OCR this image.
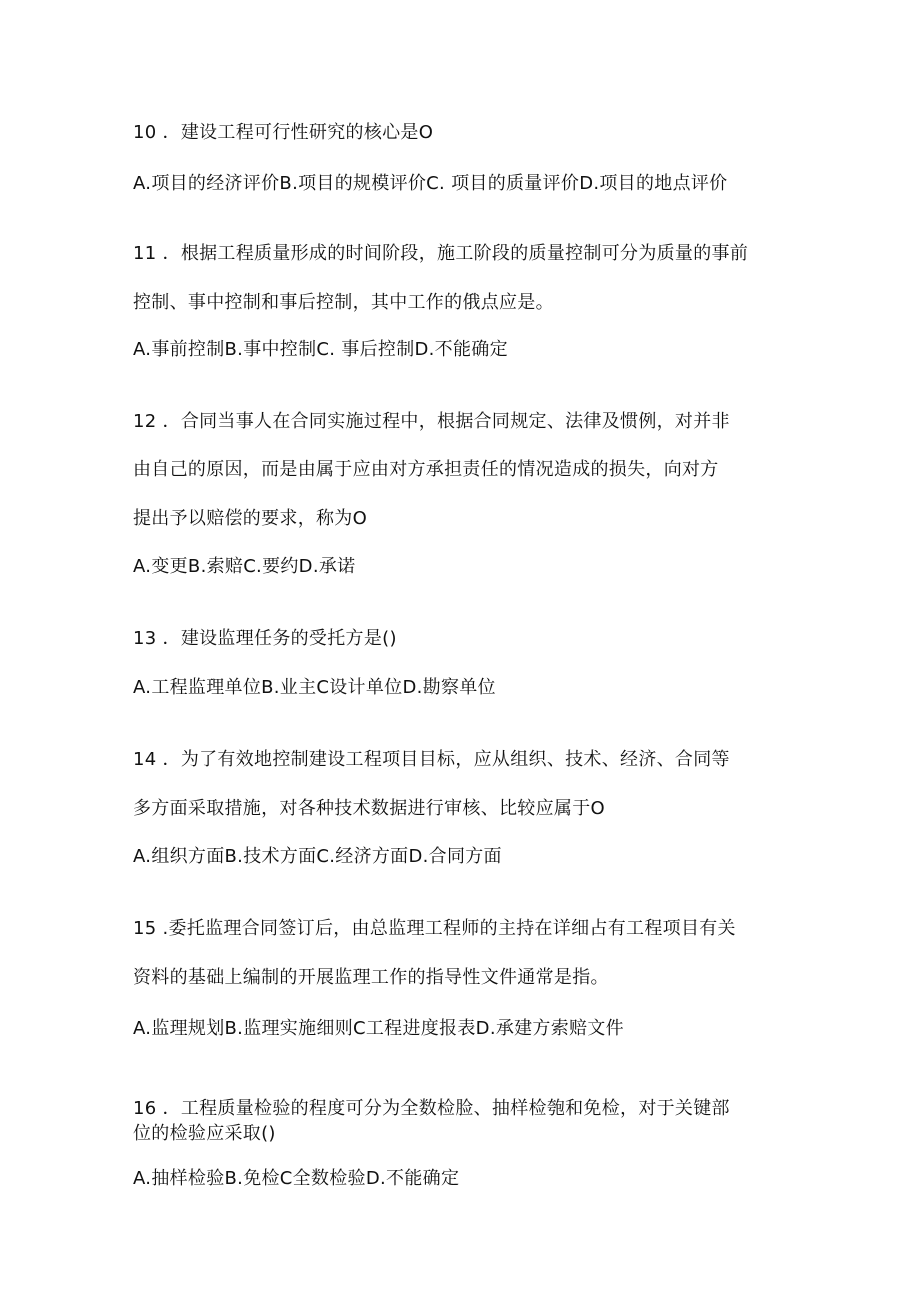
10 ．建设工程可行性研究的核心是O
A.项目的经济评价B.项目的规模评价C. 项目的质量评价D.项目的地点评价
11 ．根据工程质量形成的时间阶段，施工阶段的质量控制可分为质量的事前
控制、事中控制和事后控制，其中工作的俄点应是。
A.事前控制B.事中控制C. 事后控制D.不能确定
12 ．合同当事人在合同实施过程中，根据合同规定、法律及惯例，对并非
由自己的原因，而是由属于应由对方承担责任的情况造成的损失，向对方
提出予以赔偿的要求，称为O
A.变更B.索赔C.要约D.承诺
13 ．建设监理任务的受托方是()
A.工程监理单位B.业主C设计单位D.勘察单位
14 ．为了有效地控制建设工程项目目标，应从组织、技术、经济、合同等
多方面采取措施，对各种技术数据进行审核、比较应属于O
A.组织方面B.技术方面C.经济方面D.合同方面
15 .委托监理合同签订后，由总监理工程师的主持在详细占有工程项目有关
资料的基础上编制的开展监理工作的指导性文件通常是指。
A.监理规划B.监理实施细则C工程进度报表D.承建方索赔文件
16 ．工程质量检验的程度可分为全数检脸、抽样检匏和免检，对于关键部
位的检验应采取()
A.抽样检验B.免检C全数检验D.不能确定
